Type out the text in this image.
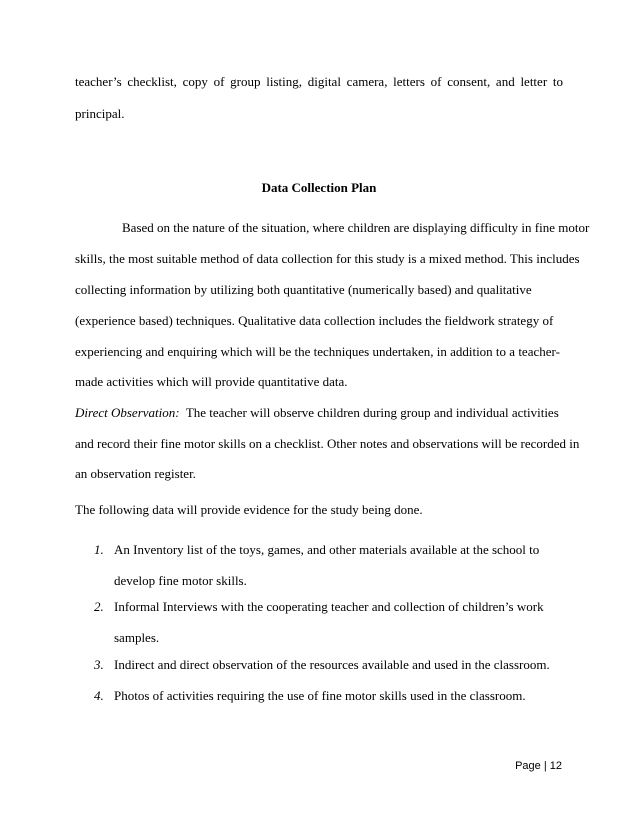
teacher’s checklist, copy of group listing, digital camera, letters of consent, and letter to
principal.
Data Collection Plan
Based on the nature of the situation, where children are displaying difficulty in fine motor
skills, the most suitable method of data collection for this study is a mixed method. This includes
collecting information by utilizing both quantitative (numerically based) and qualitative
(experience based) techniques. Qualitative data collection includes the fieldwork strategy of
experiencing and enquiring which will be the techniques undertaken, in addition to a teacher-
made activities which will provide quantitative data.
Direct Observation: The teacher will observe children during group and individual activities
and record their fine motor skills on a checklist. Other notes and observations will be recorded in
an observation register.
The following data will provide evidence for the study being done.
1. An Inventory list of the toys, games, and other materials available at the school to
develop fine motor skills.
2. Informal Interviews with the cooperating teacher and collection of children’s work
samples.
3. Indirect and direct observation of the resources available and used in the classroom.
4. Photos of activities requiring the use of fine motor skills used in the classroom.
Page | 12
